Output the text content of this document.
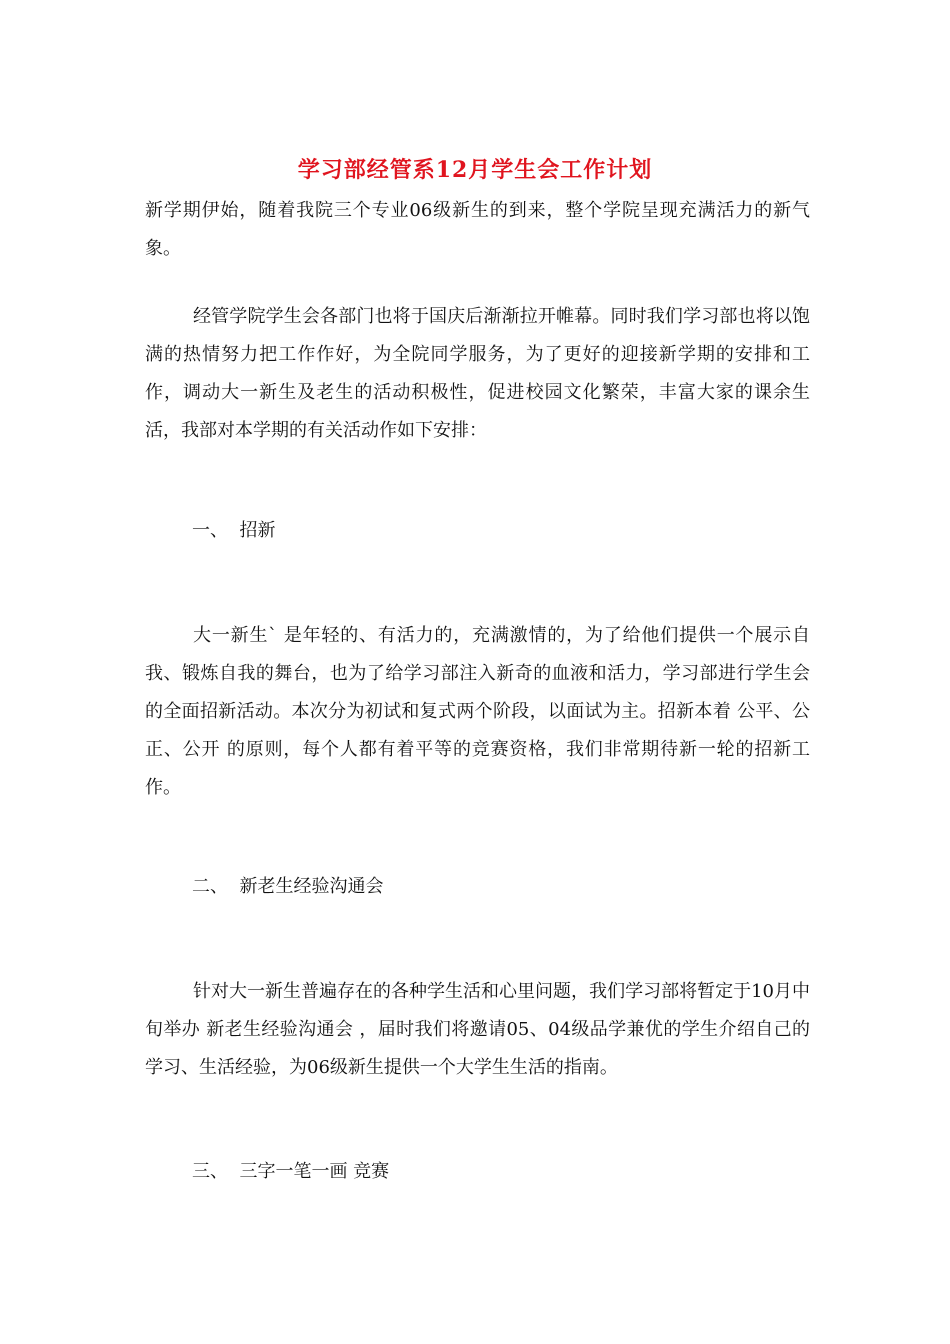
学习部经管系12月学生会工作计划

新学期伊始，随着我院三个专业06级新生的到来，整个学院呈现充满活力的新气象。

经管学院学生会各部门也将于国庆后渐渐拉开帷幕。同时我们学习部也将以饱满的热情努力把工作作好，为全院同学服务，为了更好的迎接新学期的安排和工作，调动大一新生及老生的活动积极性，促进校园文化繁荣，丰富大家的课余生活，我部对本学期的有关活动作如下安排：

一、  招新

大一新生` 是年轻的、有活力的，充满激情的，为了给他们提供一个展示自我、锻炼自我的舞台，也为了给学习部注入新奇的血液和活力，学习部进行学生会的全面招新活动。本次分为初试和复式两个阶段，以面试为主。招新本着 公平、公正、公开 的原则，每个人都有着平等的竞赛资格，我们非常期待新一轮的招新工作。

二、  新老生经验沟通会

针对大一新生普遍存在的各种学生活和心里问题，我们学习部将暂定于10月中旬举办 新老生经验沟通会 ，届时我们将邀请05、04级品学兼优的学生介绍自己的学习、生活经验，为06级新生提供一个大学生生活的指南。

三、  三字一笔一画 竞赛
